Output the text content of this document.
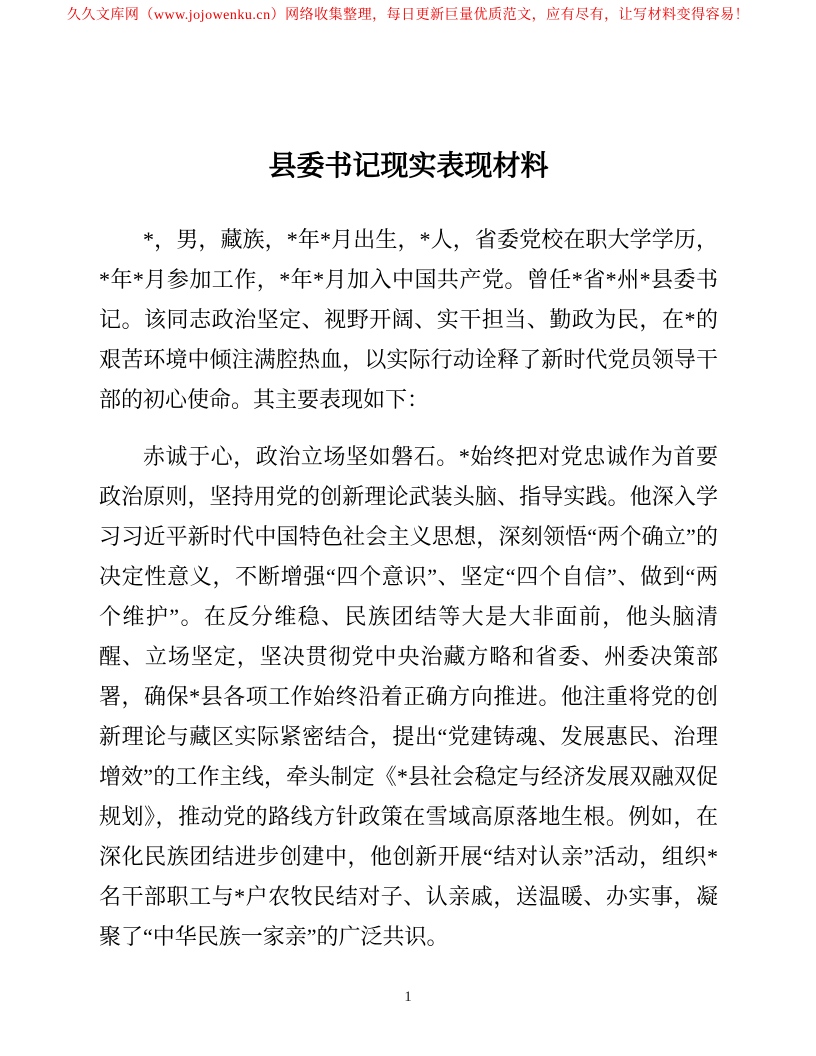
久久文库网（www.jojowenku.cn）网络收集整理，每日更新巨量优质范文，应有尽有，让写材料变得容易！
县委书记现实表现材料

*，男，藏族，*年*月出生，*人，省委党校在职大学学历，*年*月参加工作，*年*月加入中国共产党。曾任*省*州*县委书记。该同志政治坚定、视野开阔、实干担当、勤政为民，在*的艰苦环境中倾注满腔热血，以实际行动诠释了新时代党员领导干部的初心使命。其主要表现如下：

赤诚于心，政治立场坚如磐石。*始终把对党忠诚作为首要政治原则，坚持用党的创新理论武装头脑、指导实践。他深入学习习近平新时代中国特色社会主义思想，深刻领悟“两个确立”的决定性意义，不断增强“四个意识”、坚定“四个自信”、做到“两个维护”。在反分维稳、民族团结等大是大非面前，他头脑清醒、立场坚定，坚决贯彻党中央治藏方略和省委、州委决策部署，确保*县各项工作始终沿着正确方向推进。他注重将党的创新理论与藏区实际紧密结合，提出“党建铸魂、发展惠民、治理增效”的工作主线，牵头制定《*县社会稳定与经济发展双融双促规划》，推动党的路线方针政策在雪域高原落地生根。例如，在深化民族团结进步创建中，他创新开展“结对认亲”活动，组织*名干部职工与*户农牧民结对子、认亲戚，送温暖、办实事，凝聚了“中华民族一家亲”的广泛共识。

1
